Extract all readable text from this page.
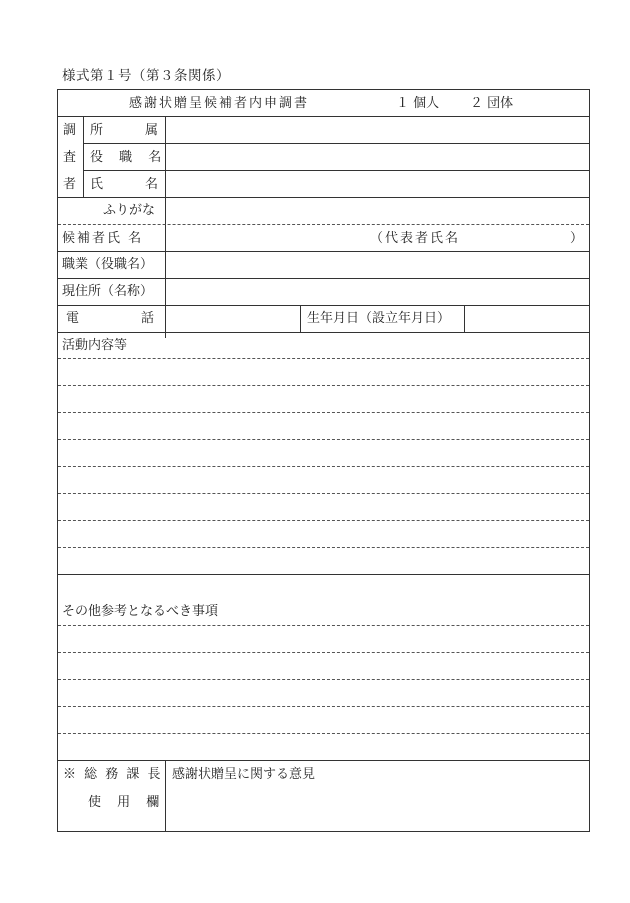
様式第１号（第３条関係）
感謝状贈呈候補者内申調書	１ 個人 ２ 団体
調
査
者
所	属
役 職 名
氏	名
ふりがな
候補者氏 名	（代表者氏名	）
職業（役職名）
現住所（名称）
電	話	生年月日（設立年月日）
活動内容等
その他参考となるべき事項
※ 総 務 課 長
使 用 欄
感謝状贈呈に関する意見
